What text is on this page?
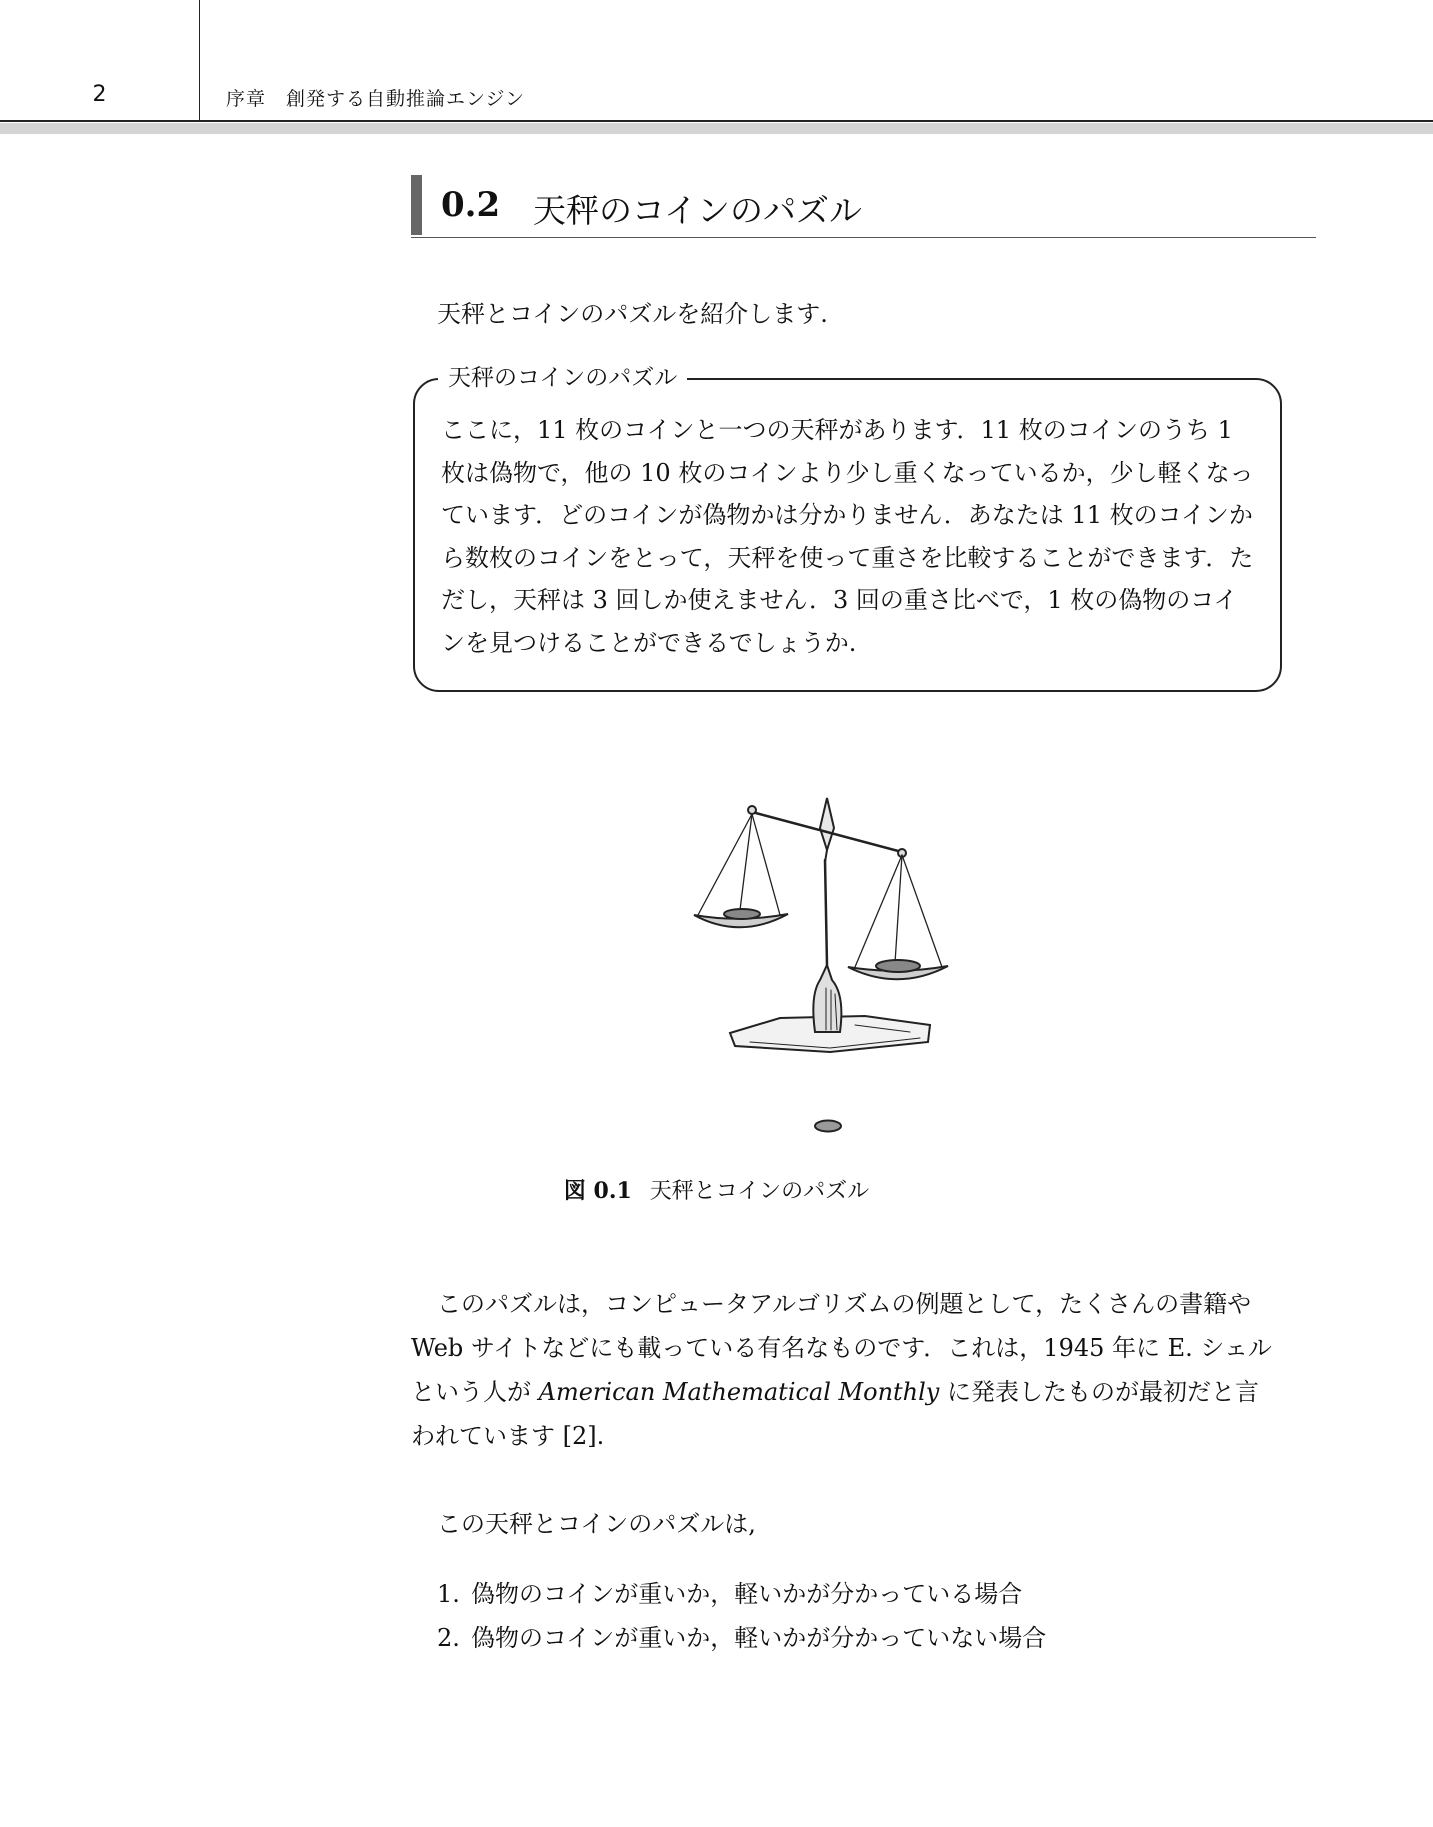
2	序章　創発する自動推論エンジン
0.2 天秤のコインのパズル

天秤とコインのパズルを紹介します.

天秤のコインのパズル

ここに，11 枚のコインと一つの天秤があります．11 枚のコインのうち 1 枚は偽物で，他の 10 枚のコインより少し重くなっているか，少し軽くなっています．どのコインが偽物かは分かりません．あなたは 11 枚のコインから数枚のコインをとって，天秤を使って重さを比較することができます．ただし，天秤は 3 回しか使えません．3 回の重さ比べで，1 枚の偽物のコインを見つけることができるでしょうか.

図 0.1 天秤とコインのパズル

このパズルは，コンピュータアルゴリズムの例題として，たくさんの書籍や Web サイトなどにも載っている有名なものです．これは，1945 年に E. シェルという人が American Mathematical Monthly に発表したものが最初だと言われています [2].

この天秤とコインのパズルは,

1. 偽物のコインが重いか，軽いかが分かっている場合
2. 偽物のコインが重いか，軽いかが分かっていない場合
